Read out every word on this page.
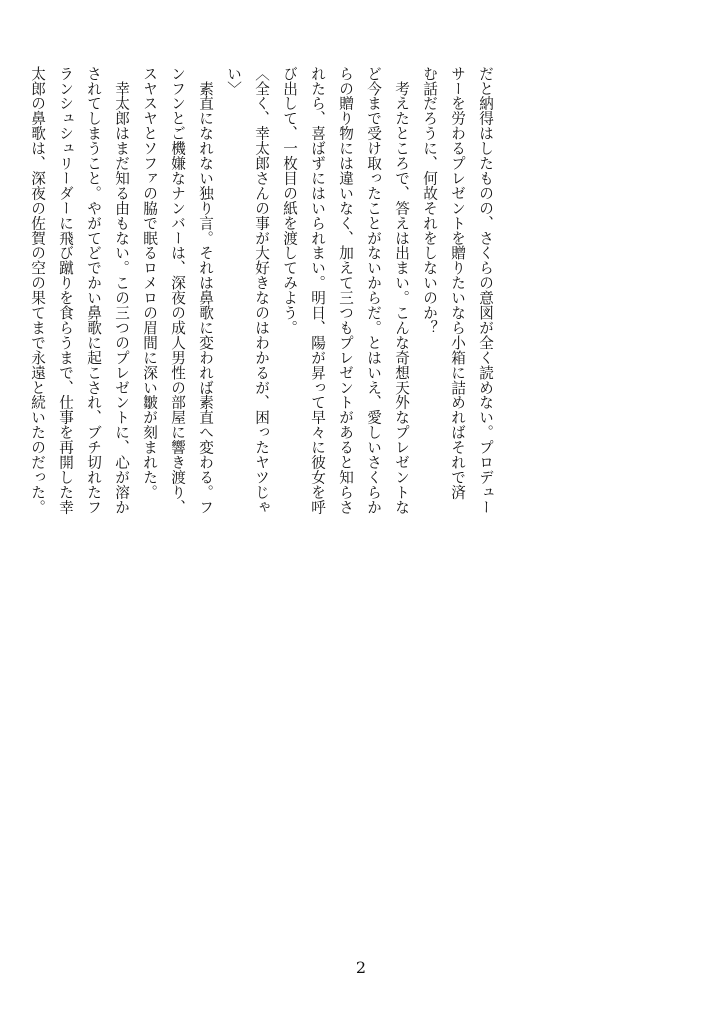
だと納得はしたものの、さくらの意図が全く読めない。プロデュー
サーを労わるプレゼントを贈りたいなら小箱に詰めればそれで済
む話だろうに、何故それをしないのか？
　考えたところで、答えは出まい。こんな奇想天外なプレゼントな
ど今まで受け取ったことがないからだ。とはいえ、愛しいさくらか
らの贈り物には違いなく、加えて三つもプレゼントがあると知らさ
れたら、喜ばずにはいられまい。明日、陽が昇って早々に彼女を呼
び出して、一枚目の紙を渡してみよう。
〈全く、幸太郎さんの事が大好きなのはわかるが、困ったヤツじゃ
い〉
　素直になれない独り言。それは鼻歌に変われば素直へ変わる。フ
ンフンとご機嫌なナンバーは、深夜の成人男性の部屋に響き渡り、
スヤスヤとソファの脇で眠るロメロの眉間に深い皺が刻まれた。
　幸太郎はまだ知る由もない。この三つのプレゼントに、心が溶か
されてしまうこと。やがてどでかい鼻歌に起こされ、ブチ切れたフ
ランシュシュリーダーに飛び蹴りを食らうまで、仕事を再開した幸
太郎の鼻歌は、深夜の佐賀の空の果てまで永遠と続いたのだった。
2
